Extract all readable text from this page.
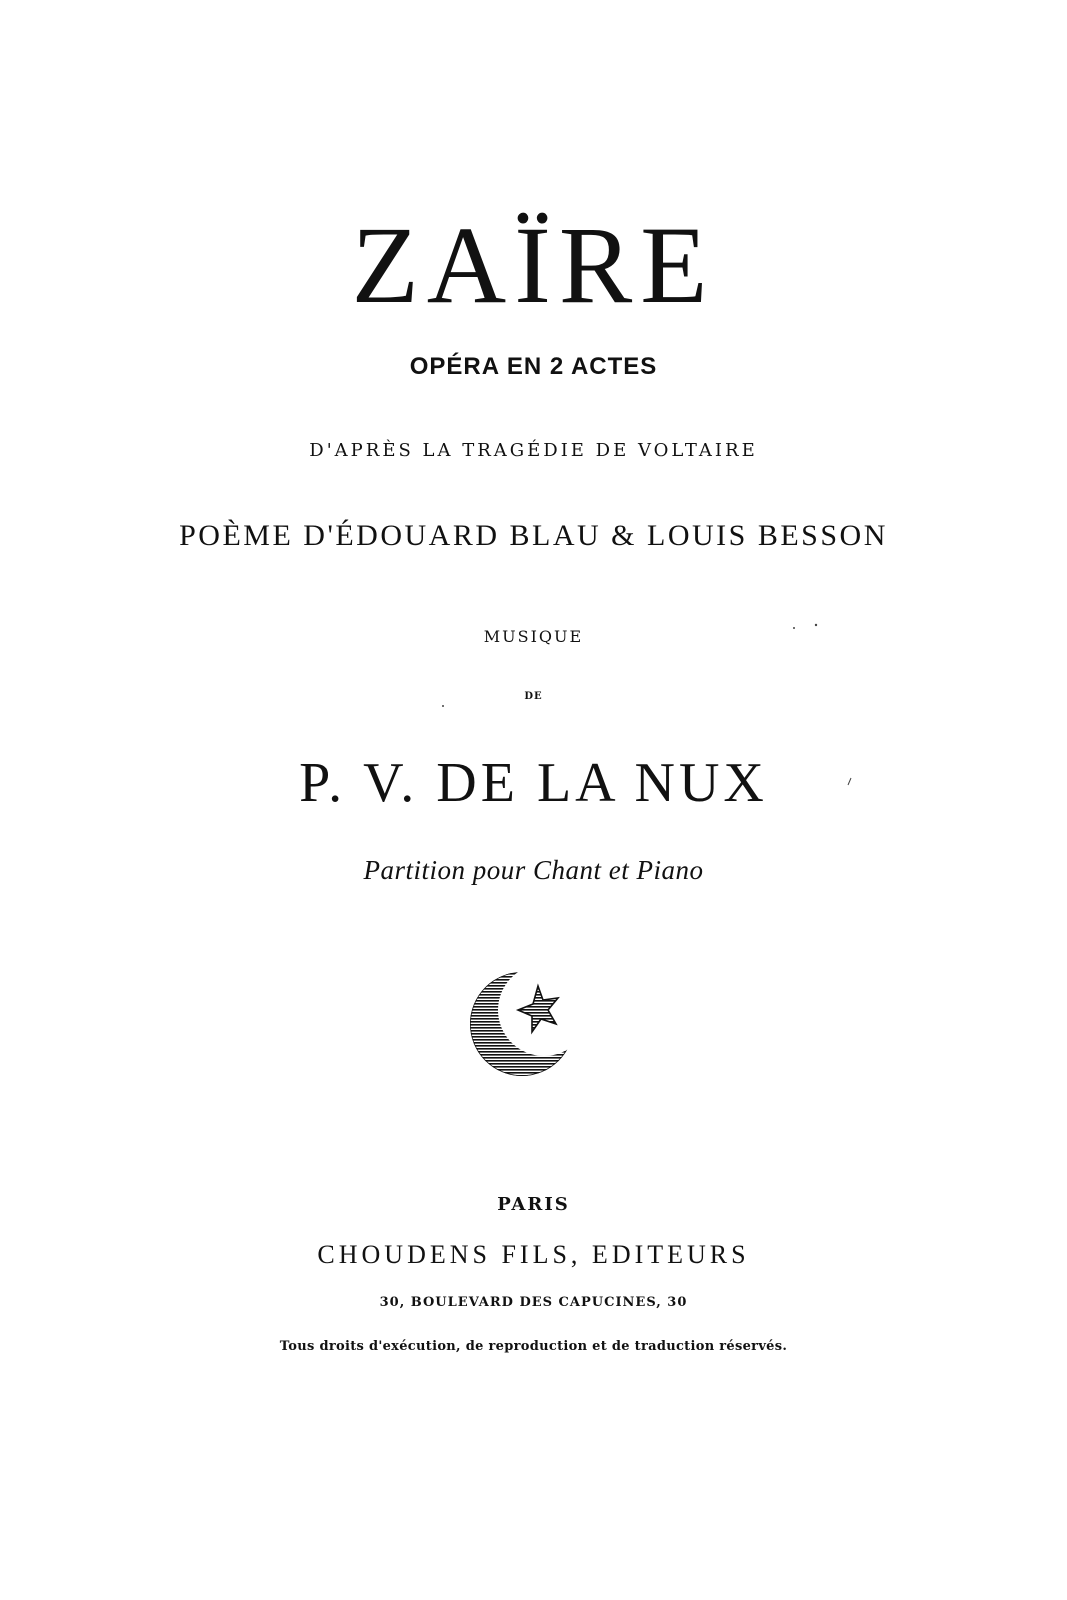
ZAÏRE
OPÉRA EN 2 ACTES
D'APRÈS LA TRAGÉDIE DE VOLTAIRE
POÈME D'ÉDOUARD BLAU & LOUIS BESSON
MUSIQUE
DE
P. V. DE LA NUX
Partition pour Chant et Piano
PARIS
CHOUDENS FILS, EDITEURS
30, BOULEVARD DES CAPUCINES, 30
Tous droits d'exécution, de reproduction et de traduction réservés.
